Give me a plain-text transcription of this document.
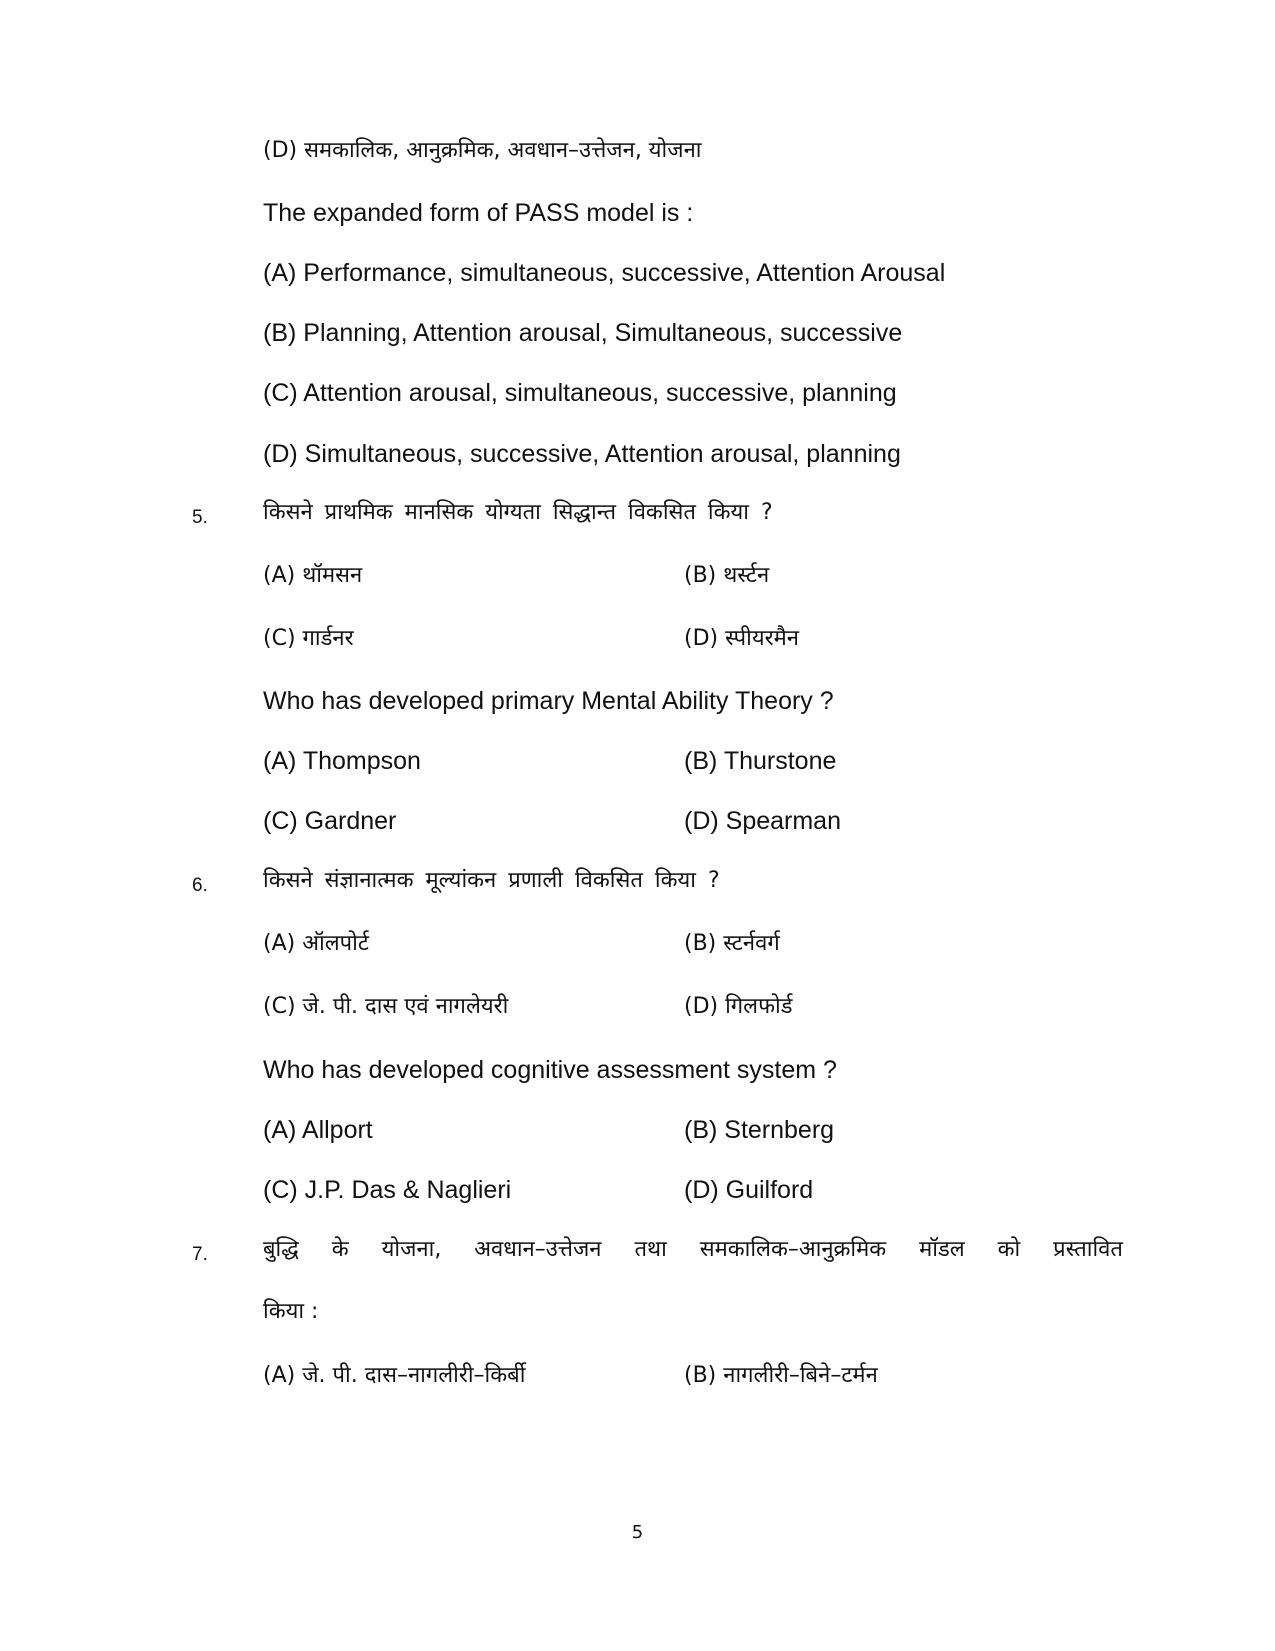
(D) समकालिक, आनुक्रमिक, अवधान–उत्तेजन, योजना
The expanded form of PASS model is :
(A) Performance, simultaneous, successive, Attention Arousal
(B) Planning, Attention arousal, Simultaneous, successive
(C) Attention arousal, simultaneous, successive, planning
(D) Simultaneous, successive, Attention arousal, planning
5.	किसने प्राथमिक मानसिक योग्यता सिद्धान्त विकसित किया ?
(A) थॉमसन	(B) थर्स्टन
(C) गार्डनर	(D) स्पीयरमैन
Who has developed primary Mental Ability Theory ?
(A) Thompson	(B) Thurstone
(C) Gardner	(D) Spearman
6.	किसने संज्ञानात्मक मूल्यांकन प्रणाली विकसित किया ?
(A) ऑलपोर्ट	(B) स्टर्नवर्ग
(C) जे. पी. दास एवं नागलेयरी	(D) गिलफोर्ड
Who has developed cognitive assessment system ?
(A) Allport	(B) Sternberg
(C) J.P. Das & Naglieri	(D) Guilford
7.	बुद्धि के योजना, अवधान–उत्तेजन तथा समकालिक–आनुक्रमिक मॉडल को प्रस्तावित
किया :
(A) जे. पी. दास–नागलीरी–किर्बी	(B) नागलीरी–बिने–टर्मन
5
